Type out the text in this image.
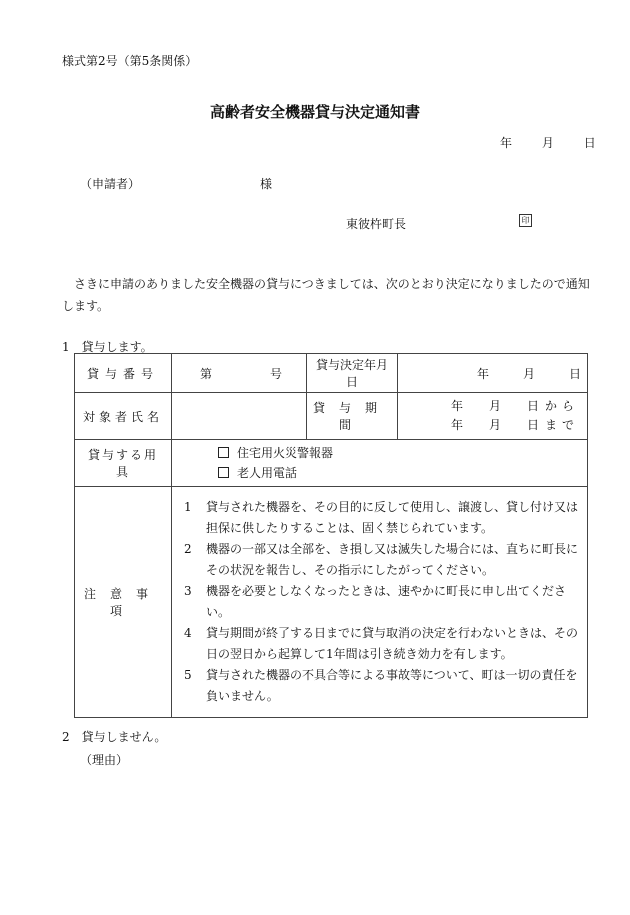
様式第2号（第5条関係）
高齢者安全機器貸与決定通知書
年 月 日
（申請者）	様
東彼杵町長	印
さきに申請のありました安全機器の貸与につきましては、次のとおり決定になりましたので通知します。
1　貸与します。
貸与番号	第 号	貸与決定年月日	年 月 日
対象者氏名		貸与期間	年 月 日 から
年 月 日 まで

貸与する用具	住宅用火災警報器
老人用電話		

注意事項	1 貸与された機器を、その目的に反して使用し、譲渡し、貸し付け又は担保に供したりすることは、固く禁じられています。
2 機器の一部又は全部を、き損し又は滅失した場合には、直ちに町長にその状況を報告し、その指示にしたがってください。
3 機器を必要としなくなったときは、速やかに町長に申し出てください。
4 貸与期間が終了する日までに貸与取消の決定を行わないときは、その日の翌日から起算して1年間は引き続き効力を有します。
5 貸与された機器の不具合等による事故等について、町は一切の責任を負いません。		
2　貸与しません。
（理由）
